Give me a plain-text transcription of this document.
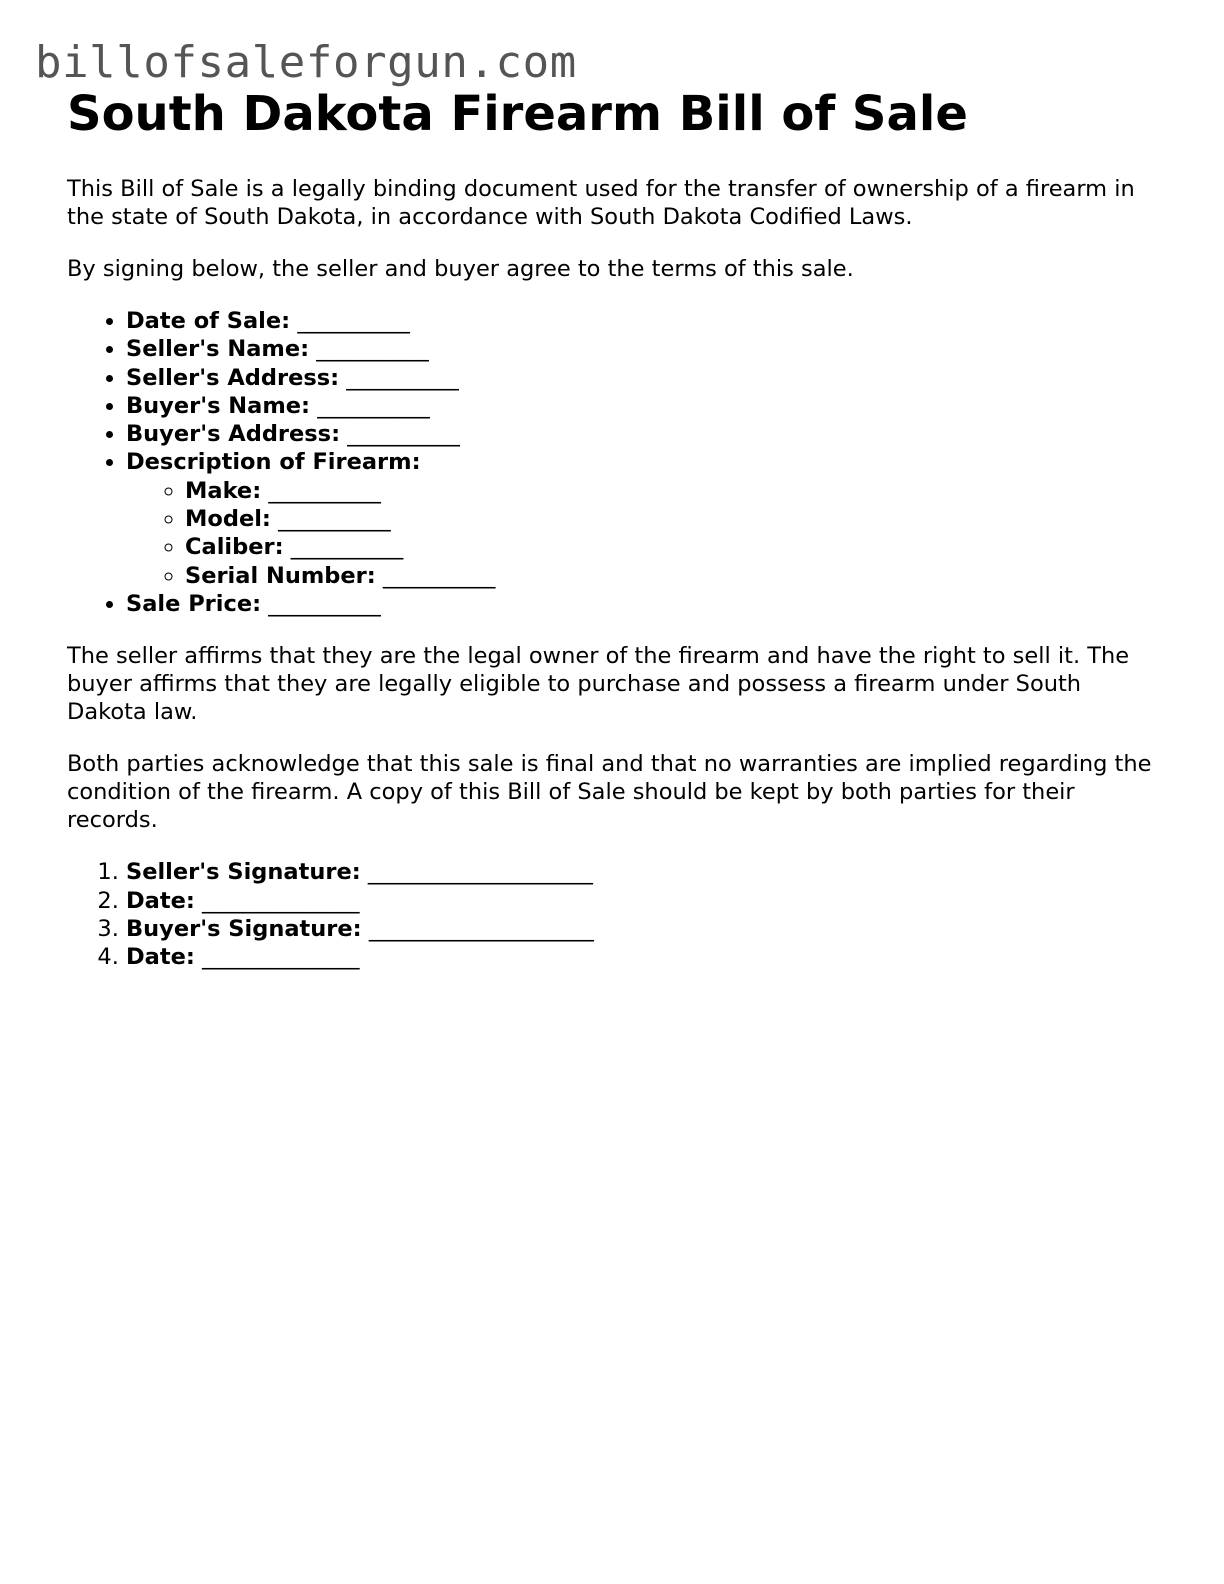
billofsaleforgun.com
South Dakota Firearm Bill of Sale

This Bill of Sale is a legally binding document used for the transfer of ownership of a firearm in the state of South Dakota, in accordance with South Dakota Codified Laws.

By signing below, the seller and buyer agree to the terms of this sale.

• Date of Sale: __________
• Seller's Name: __________
• Seller's Address: __________
• Buyer's Name: __________
• Buyer's Address: __________
• Description of Firearm:
◦ Make: __________
◦ Model: __________
◦ Caliber: __________
◦ Serial Number: __________
• Sale Price: __________

The seller affirms that they are the legal owner of the firearm and have the right to sell it. The buyer affirms that they are legally eligible to purchase and possess a firearm under South Dakota law.

Both parties acknowledge that this sale is final and that no warranties are implied regarding the condition of the firearm. A copy of this Bill of Sale should be kept by both parties for their records.

1. Seller's Signature: ____________________
2. Date: ______________
3. Buyer's Signature: ____________________
4. Date: ______________
